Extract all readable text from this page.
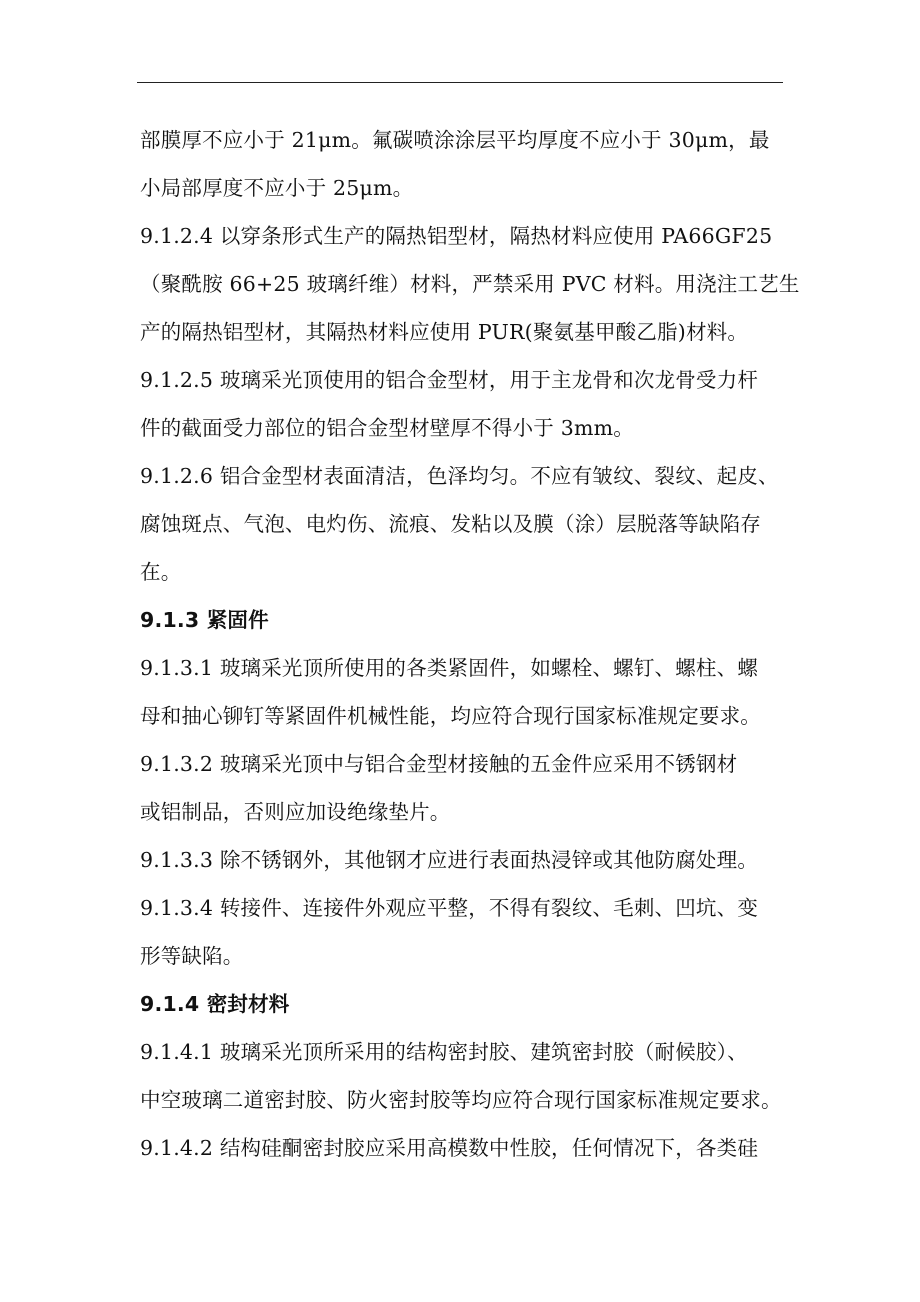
部膜厚不应小于 21μm。氟碳喷涂涂层平均厚度不应小于 30μm，最
小局部厚度不应小于 25μm。
9.1.2.4 以穿条形式生产的隔热铝型材，隔热材料应使用 PA66GF25
（聚酰胺 66+25 玻璃纤维）材料，严禁采用 PVC 材料。用浇注工艺生
产的隔热铝型材，其隔热材料应使用 PUR(聚氨基甲酸乙脂)材料。
9.1.2.5 玻璃采光顶使用的铝合金型材，用于主龙骨和次龙骨受力杆
件的截面受力部位的铝合金型材壁厚不得小于 3mm。
9.1.2.6 铝合金型材表面清洁，色泽均匀。不应有皱纹、裂纹、起皮、
腐蚀斑点、气泡、电灼伤、流痕、发粘以及膜（涂）层脱落等缺陷存
在。
9.1.3 紧固件
9.1.3.1 玻璃采光顶所使用的各类紧固件，如螺栓、螺钉、螺柱、螺
母和抽心铆钉等紧固件机械性能，均应符合现行国家标准规定要求。
9.1.3.2 玻璃采光顶中与铝合金型材接触的五金件应采用不锈钢材
或铝制品，否则应加设绝缘垫片。
9.1.3.3 除不锈钢外，其他钢才应进行表面热浸锌或其他防腐处理。
9.1.3.4 转接件、连接件外观应平整，不得有裂纹、毛刺、凹坑、变
形等缺陷。
9.1.4 密封材料
9.1.4.1 玻璃采光顶所采用的结构密封胶、建筑密封胶（耐候胶）、
中空玻璃二道密封胶、防火密封胶等均应符合现行国家标准规定要求。
9.1.4.2 结构硅酮密封胶应采用高模数中性胶，任何情况下，各类硅
